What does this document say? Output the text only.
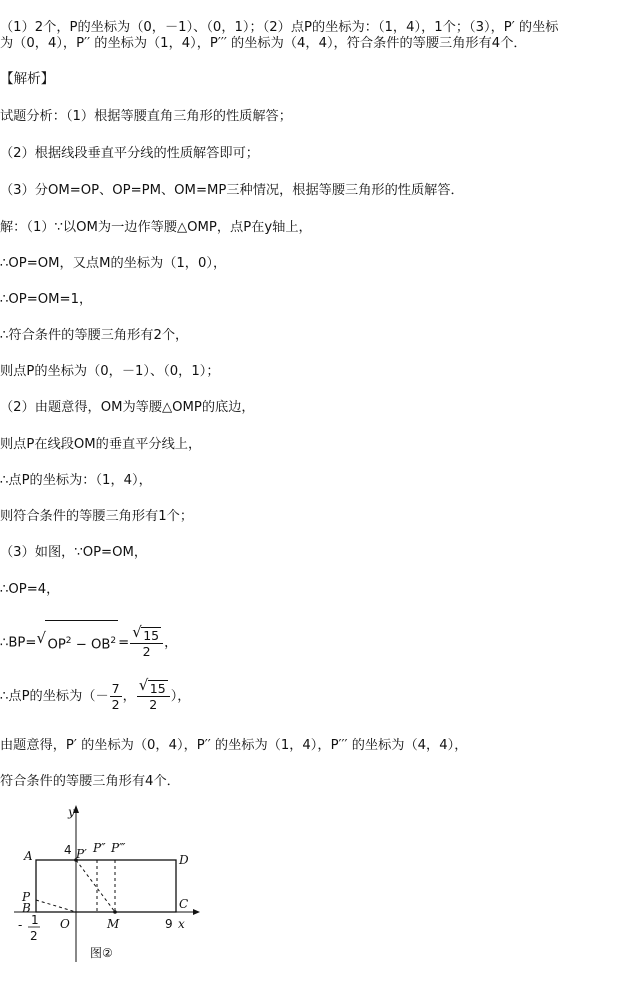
（1）2个，P的坐标为（0，－1）、（0，1）；（2）点P的坐标为：（1，4），1个；（3），P′ 的坐标
为（0，4），P′′ 的坐标为（1，4），P′′′ 的坐标为（4，4），符合条件的等腰三角形有4个．
【解析】
试题分析：（1）根据等腰直角三角形的性质解答；
（2）根据线段垂直平分线的性质解答即可；
（3）分OM=OP、OP=PM、OM=MP三种情况，根据等腰三角形的性质解答．
解：（1）∵以OM为一边作等腰△OMP，点P在y轴上，
∴OP=OM，又点M的坐标为（1，0），
∴OP=OM=1，
∴符合条件的等腰三角形有2个，
则点P的坐标为（0，－1）、（0，1）；
（2）由题意得，OM为等腰△OMP的底边，
则点P在线段OM的垂直平分线上，
∴点P的坐标为：（1，4），
则符合条件的等腰三角形有1个；
（3）如图，∵OP=OM，
∴OP=4，
∴BP= √ $OP^2 - OB^2 = \frac{√ 15}{2}$ ，
∴点P的坐标为（－ $\frac{7}{2}$ ， $\frac{√ 15}{2}$ ），
由题意得，P′ 的坐标为（0，4），P′′ 的坐标为（1，4），P′′′ 的坐标为（4，4），
符合条件的等腰三角形有4个．
y
x
A	D
C
P
B
O	M
4
9
P′ P″ P‴
- 1
2
图②
